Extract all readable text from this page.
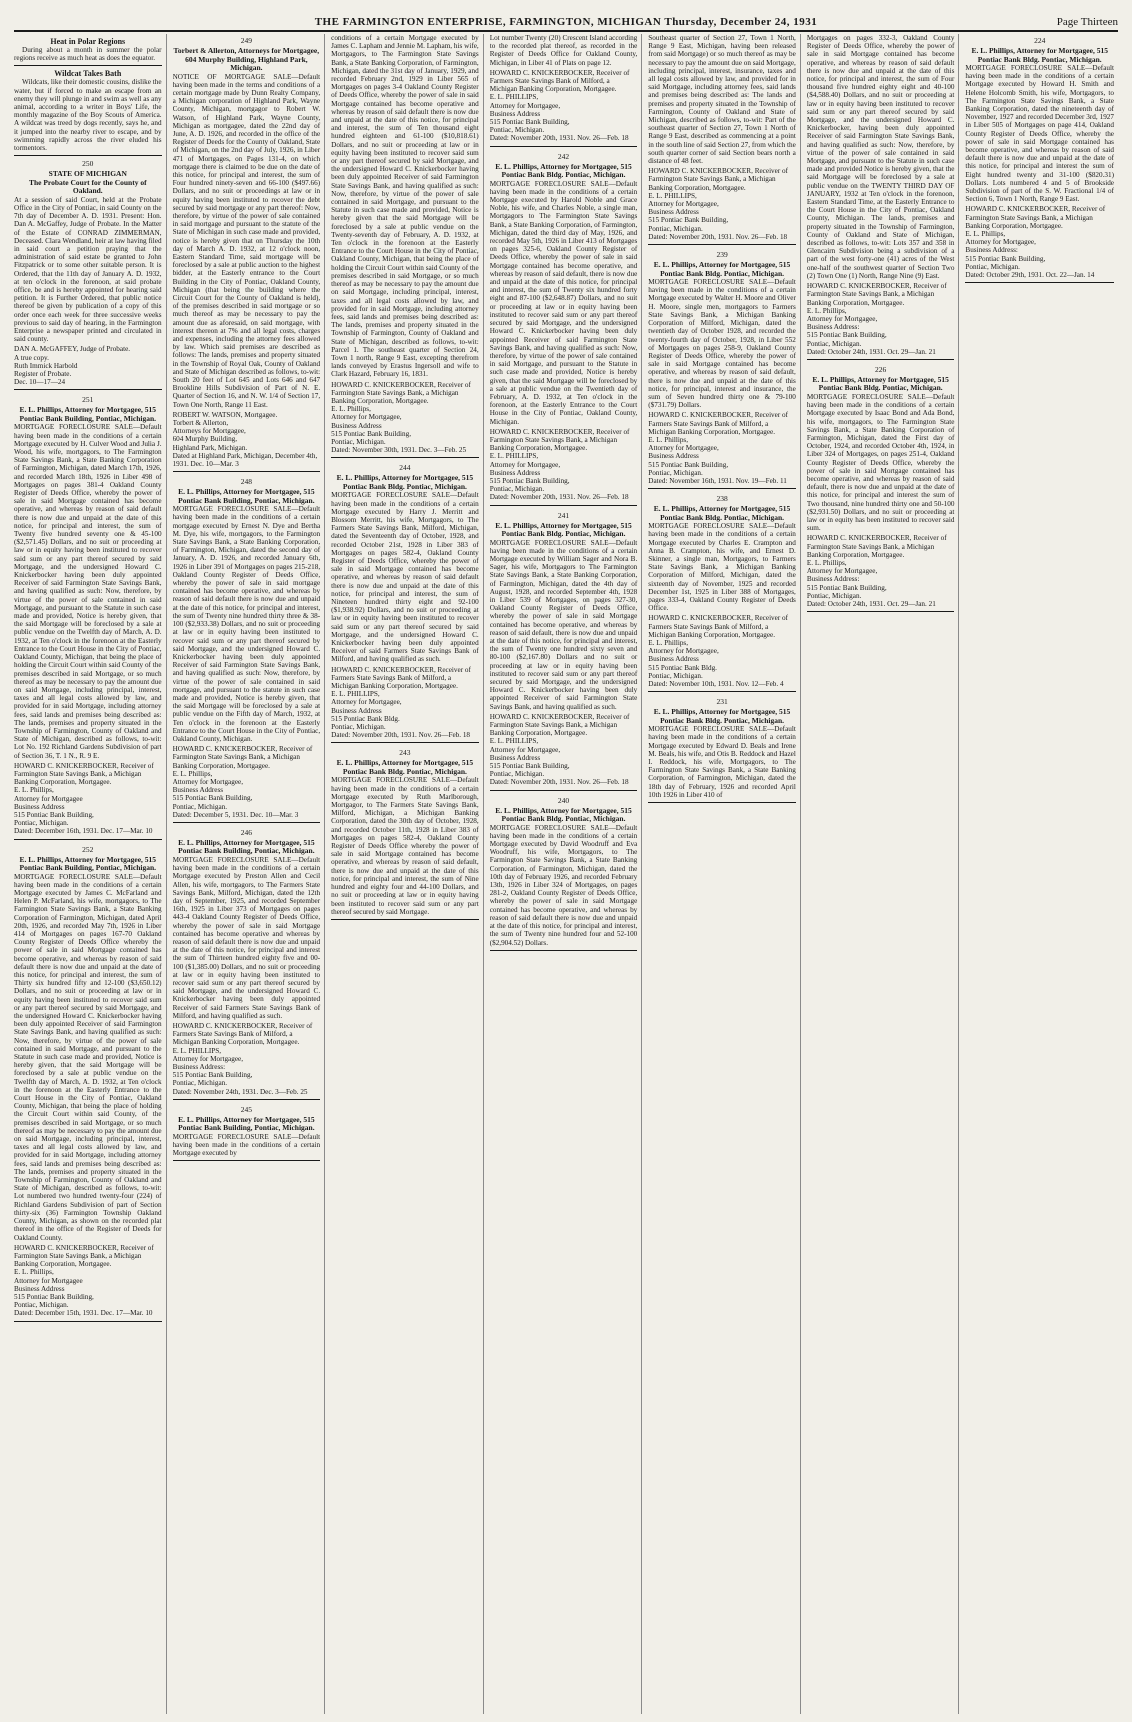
THE FARMINGTON ENTERPRISE, FARMINGTON, MICHIGAN Thursday, December 24, 1931	Page Thirteen
Heat in Polar Regions
During about a month in summer the polar regions receive as much heat as does the equator.
Wildcat Takes Bath
Wildcats, like their domestic cousins, dislike the water, but if forced to make an escape from an enemy they will plunge in and swim as well as any animal, according to a writer in Boys' Life, the monthly magazine of the Boy Scouts of America. A wildcat was treed by dogs recently, says he, and it jumped into the nearby river to escape, and by swimming rapidly across the river eluded his tormentors.
250
STATE OF MICHIGAN
The Probate Court for the County of Oakland.
At a session of said Court, held at the Probate Office in the City of Pontiac, in said County on the 7th day of December A. D. 1931. Present: Hon. Dan A. McGaffey, Judge of Probate. In the Matter of the Estate of CONRAD ZIMMERMAN, Deceased. Clara Wendland, heir at law having filed in said court a petition praying that the administration of said estate be granted to John Fitzpatrick or to some other suitable person. It is Ordered, that the 11th day of January A. D. 1932, at ten o'clock in the forenoon, at said probate office, be and is hereby appointed for hearing said petition. It is Further Ordered, that public notice thereof be given by publication of a copy of this order once each week for three successive weeks previous to said day of hearing, in the Farmington Enterprise a newspaper printed and circulated in said county.
DAN A. McGAFFEY, Judge of Probate.
A true copy.
Ruth Immick Harbold
Register of Probate.
Dec. 10—17—24
251
E. L. Phillips, Attorney for Mortgagee, 515 Pontiac Bank Building, Pontiac, Michigan.
MORTGAGE FORECLOSURE SALE—Default having been made in the conditions of a certain Mortgage executed by H. Culver Wood and Julia J. Wood, his wife, mortgagors, to The Farmington State Savings Bank, a State Banking Corporation of Farmington, Michigan, dated March 17th, 1926, and recorded March 18th, 1926 in Liber 498 of Mortgages on pages 381-4 Oakland County Register of Deeds Office, whereby the power of sale in said Mortgage contained has become operative, and whereas by reason of said default there is now due and unpaid at the date of this notice, for principal and interest, the sum of Twenty five hundred seventy one & 45-100 ($2,571.45) Dollars, and no suit or proceeding at law or in equity having been instituted to recover said sum or any part thereof secured by said Mortgage, and the undersigned Howard C. Knickerbocker having been duly appointed Receiver of said Farmington State Savings Bank, and having qualified as such: Now, therefore, by virtue of the power of sale contained in said Mortgage, and pursuant to the Statute in such case made and provided, Notice is hereby given, that the said Mortgage will be foreclosed by a sale at public vendue on the Twelfth day of March, A. D. 1932, at Ten o'clock in the forenoon at the Easterly Entrance to the Court House in the City of Pontiac, Oakland County, Michigan, that being the place of holding the Circuit Court within said County of the premises described in said Mortgage, or so much thereof as may be necessary to pay the amount due on said Mortgage, including principal, interest, taxes and all legal costs allowed by law, and provided for in said Mortgage, including attorney fees, said lands and premises being described as: The lands, premises and property situated in the Township of Farmington, County of Oakland and State of Michigan, described as follows, to-wit: Lot No. 192 Richland Gardens Subdivision of part of Section 36, T. 1 N., R. 9 E.
HOWARD C. KNICKERBOCKER, Receiver of Farmington State Savings Bank, a Michigan Banking Corporation, Mortgagee.
E. L. Phillips,
Attorney for Mortgagee
Business Address
515 Pontiac Bank Building,
Pontiac, Michigan.
Dated: December 16th, 1931. Dec. 17—Mar. 10
252
E. L. Phillips, Attorney for Mortgagee, 515 Pontiac Bank Building, Pontiac, Michigan.
MORTGAGE FORECLOSURE SALE—Default having been made in the conditions of a certain Mortgage executed by James C. McFarland and Helen P. McFarland, his wife, mortgagors, to The Farmington State Savings Bank, a State Banking Corporation of Farmington, Michigan, dated April 20th, 1926, and recorded May 7th, 1926 in Liber 414 of Mortgages on pages 167-70 Oakland County Register of Deeds Office whereby the power of sale in said Mortgage contained has become operative, and whereas by reason of said default there is now due and unpaid at the date of this notice, for principal and interest, the sum of Thirty six hundred fifty and 12-100 ($3,650.12) Dollars, and no suit or proceeding at law or in equity having been instituted to recover said sum or any part thereof secured by said Mortgage, and the undersigned Howard C. Knickerbocker having been duly appointed Receiver of said Farmington State Savings Bank, and having qualified as such: Now, therefore, by virtue of the power of sale contained in said Mortgage, and pursuant to the Statute in such case made and provided, Notice is hereby given, that the said Mortgage will be foreclosed by a sale at public vendue on the Twelfth day of March, A. D. 1932, at Ten o'clock in the forenoon at the Easterly Entrance to the Court House in the City of Pontiac, Oakland County, Michigan, that being the place of holding the Circuit Court within said County, of the premises described in said Mortgage, or so much thereof as may be necessary to pay the amount due on said Mortgage, including principal, interest, taxes and all legal costs allowed by law, and provided for in said Mortgage, including attorney fees, said lands and premises being described as: The lands, premises and property situated in the Township of Farmington, County of Oakland and State of Michigan, described as follows, to-wit: Lot numbered two hundred twenty-four (224) of Richland Gardens Subdivision of part of Section thirty-six (36) Farmington Township Oakland County, Michigan, as shown on the recorded plat thereof in the office of the Register of Deeds for Oakland County.
HOWARD C. KNICKERBOCKER, Receiver of Farmington State Savings Bank, a Michigan Banking Corporation, Mortgagee.
E. L. Phillips,
Attorney for Mortgagee
Business Address
515 Pontiac Bank Building,
Pontiac, Michigan.
Dated: December 15th, 1931. Dec. 17—Mar. 10
249
Torbert & Allerton, Attorneys for Mortgagee, 604 Murphy Building, Highland Park, Michigan.
NOTICE OF MORTGAGE SALE—Default having been made in the terms and conditions of a certain mortgage made by Dunn Realty Company, a Michigan corporation of Highland Park, Wayne County, Michigan, mortgagor to Robert W. Watson, of Highland Park, Wayne County, Michigan as mortgagee, dated the 22nd day of June, A. D. 1926, and recorded in the office of the Register of Deeds for the County of Oakland, State of Michigan, on the 2nd day of July, 1926, in Liber 471 of Mortgages, on Pages 131-4, on which mortgage there is claimed to be due on the date of this notice, for principal and interest, the sum of Four hundred ninety-seven and 66-100 ($497.66) Dollars, and no suit or proceedings at law or in equity having been instituted to recover the debt secured by said mortgage or any part thereof: Now, therefore, by virtue of the power of sale contained in said mortgage and pursuant to the statute of the State of Michigan in such case made and provided, notice is hereby given that on Thursday the 10th day of March A. D. 1932, at 12 o'clock noon, Eastern Standard Time, said mortgage will be foreclosed by a sale at public auction to the highest bidder, at the Easterly entrance to the Court Building in the City of Pontiac, Oakland County, Michigan (that being the building where the Circuit Court for the County of Oakland is held), of the premises described in said mortgage or so much thereof as may be necessary to pay the amount due as aforesaid, on said mortgage, with interest thereon at 7% and all legal costs, charges and expenses, including the attorney fees allowed by law. Which said premises are described as follows: The lands, premises and property situated in the Township of Royal Oak, County of Oakland and State of Michigan described as follows, to-wit: South 20 feet of Lot 645 and Lots 646 and 647 Brookline Hills Subdivision of Part of N. E. Quarter of Section 16, and N. W. 1/4 of Section 17, Town One North, Range 11 East.
ROBERT W. WATSON, Mortgagee.
Torbert & Allerton,
Attorneys for Mortgagee,
604 Murphy Building,
Highland Park, Michigan.
Dated at Highland Park, Michigan, December 4th, 1931. Dec. 10—Mar. 3
248
E. L. Phillips, Attorney for Mortgagee, 515 Pontiac Bank Building, Pontiac, Michigan.
MORTGAGE FORECLOSURE SALE—Default having been made in the conditions of a certain mortgage executed by Ernest N. Dye and Bertha M. Dye, his wife, mortgagors, to the Farmington State Savings Bank, a State Banking Corporation, of Farmington, Michigan, dated the second day of January, A. D. 1926, and recorded January 6th, 1926 in Liber 391 of Mortgages on pages 215-218, Oakland County Register of Deeds Office, whereby the power of sale in said mortgage contained has become operative, and whereas by reason of said default there is now due and unpaid at the date of this notice, for principal and interest, the sum of Twenty nine hundred thirty three & 38-100 ($2,933.38) Dollars, and no suit or proceeding at law or in equity having been instituted to recover said sum or any part thereof secured by said Mortgage, and the undersigned Howard C. Knickerbocker having been duly appointed Receiver of said Farmington State Savings Bank, and having qualified as such: Now, therefore, by virtue of the power of sale contained in said mortgage, and pursuant to the statute in such case made and provided, Notice is hereby given, that the said Mortgage will be foreclosed by a sale at public vendue on the Fifth day of March, 1932, at Ten o'clock in the forenoon at the Easterly Entrance to the Court House in the City of Pontiac, Oakland County, Michigan.
HOWARD C. KNICKERBOCKER, Receiver of Farmington State Savings Bank, a Michigan Banking Corporation, Mortgagee.
E. L. Phillips,
Attorney for Mortgagee,
Business Address
515 Pontiac Bank Building,
Pontiac, Michigan.
Dated: December 5, 1931. Dec. 10—Mar. 3
246
E. L. Phillips, Attorney for Mortgagee, 515 Pontiac Bank Building, Pontiac, Michigan.
MORTGAGE FORECLOSURE SALE—Default having been made in the conditions of a certain Mortgage executed by Preston Allen and Cecil Allen, his wife, mortgagors, to The Farmers State Savings Bank, Milford, Michigan, dated the 12th day of September, 1925, and recorded September 16th, 1925 in Liber 373 of Mortgages on pages 443-4 Oakland County Register of Deeds Office, whereby the power of sale in said Mortgage contained has become operative and whereas by reason of said default there is now due and unpaid at the date of this notice, for principal and interest the sum of Thirteen hundred eighty five and 00-100 ($1,385.00) Dollars, and no suit or proceeding at law or in equity having been instituted to recover said sum or any part thereof secured by said Mortgage, and the undersigned Howard C. Knickerbocker having been duly appointed Receiver of said Farmers State Savings Bank of Milford, and having qualified as such.
HOWARD C. KNICKERBOCKER, Receiver of Farmers State Savings Bank of Milford, a Michigan Banking Corporation, Mortgagee.
E. L. PHILLIPS,
Attorney for Mortgagee,
Business Address:
515 Pontiac Bank Building,
Pontiac, Michigan.
Dated: November 24th, 1931. Dec. 3—Feb. 25
245
E. L. Phillips, Attorney for Mortgagee, 515 Pontiac Bank Building, Pontiac, Michigan.
MORTGAGE FORECLOSURE SALE—Default having been made in the conditions of a certain Mortgage executed by
conditions of a certain Mortgage executed by James C. Lapham and Jennie M. Lapham, his wife, Mortgagors, to The Farmington State Savings Bank, a State Banking Corporation, of Farmington, Michigan, dated the 31st day of January, 1929, and recorded February 2nd, 1929 in Liber 565 of Mortgages on pages 3-4 Oakland County Register of Deeds Office, whereby the power of sale in said Mortgage contained has become operative and whereas by reason of said default there is now due and unpaid at the date of this notice, for principal and interest, the sum of Ten thousand eight hundred eighteen and 61-100 ($10,818.61) Dollars, and no suit or proceeding at law or in equity having been instituted to recover said sum or any part thereof secured by said Mortgage, and the undersigned Howard C. Knickerbocker having been duly appointed Receiver of said Farmington State Savings Bank, and having qualified as such: Now, therefore, by virtue of the power of sale contained in said Mortgage, and pursuant to the Statute in such case made and provided, Notice is hereby given that the said Mortgage will be foreclosed by a sale at public vendue on the Twenty-seventh day of February, A. D. 1932, at Ten o'clock in the forenoon at the Easterly Entrance to the Court House in the City of Pontiac, Oakland County, Michigan, that being the place of holding the Circuit Court within said County of the premises described in said Mortgage, or so much thereof as may be necessary to pay the amount due on said Mortgage, including principal, interest, taxes and all legal costs allowed by law, and provided for in said Mortgage, including attorney fees, said lands and premises being described as: The lands, premises and property situated in the Township of Farmington, County of Oakland and State of Michigan, described as follows, to-wit: Parcel 1. The southeast quarter of Section 24, Town 1 north, Range 9 East, excepting therefrom lands conveyed by Erastus Ingersoll and wife to Clark Hazard, February 16, 1831.
HOWARD C. KNICKERBOCKER, Receiver of Farmington State Savings Bank, a Michigan Banking Corporation, Mortgagee.
E. L. Phillips,
Attorney for Mortgagee,
Business Address
515 Pontiac Bank Building,
Pontiac, Michigan.
Dated: November 30th, 1931. Dec. 3—Feb. 25
244
E. L. Phillips, Attorney for Mortgagee, 515 Pontiac Bank Bldg. Pontiac, Michigan.
MORTGAGE FORECLOSURE SALE—Default having been made in the conditions of a certain Mortgage executed by Harry J. Merritt and Blossom Merritt, his wife, Mortgagors, to The Farmers State Savings Bank, Milford, Michigan, dated the Seventeenth day of October, 1928, and recorded October 21st, 1928 in Liber 383 of Mortgages on pages 582-4, Oakland County Register of Deeds Office, whereby the power of sale in said Mortgage contained has become operative, and whereas by reason of said default there is now due and unpaid at the date of this notice, for principal and interest, the sum of Nineteen hundred thirty eight and 92-100 ($1,938.92) Dollars, and no suit or proceeding at law or in equity having been instituted to recover said sum or any part thereof secured by said Mortgage, and the undersigned Howard C. Knickerbocker having been duly appointed Receiver of said Farmers State Savings Bank of Milford, and having qualified as such.
HOWARD C. KNICKERBOCKER, Receiver of Farmers State Savings Bank of Milford, a Michigan Banking Corporation, Mortgagee.
E. L. PHILLIPS,
Attorney for Mortgagee,
Business Address
515 Pontiac Bank Bldg.
Pontiac, Michigan.
Dated: November 20th, 1931. Nov. 26—Feb. 18
243
E. L. Phillips, Attorney for Mortgagee, 515 Pontiac Bank Bldg. Pontiac, Michigan.
MORTGAGE FORECLOSURE SALE—Default having been made in the conditions of a certain Mortgage executed by Ruth Marlborough, Mortgagor, to The Farmers State Savings Bank, Milford, Michigan, a Michigan Banking Corporation, dated the 30th day of October, 1928, and recorded October 11th, 1928 in Liber 383 of Mortgages on pages 582-4, Oakland County Register of Deeds Office whereby the power of sale in said Mortgage contained has become operative, and whereas by reason of said default, there is now due and unpaid at the date of this notice, for principal and interest, the sum of Nine hundred and eighty four and 44-100 Dollars, and no suit or proceeding at law or in equity having been instituted to recover said sum or any part thereof secured by said Mortgage.
Lot number Twenty (20) Crescent Island according to the recorded plat thereof, as recorded in the Register of Deeds Office for Oakland County, Michigan, in Liber 41 of Plats on page 12.
HOWARD C. KNICKERBOCKER, Receiver of Farmers State Savings Bank of Milford, a Michigan Banking Corporation, Mortgagee.
E. L. PHILLIPS,
Attorney for Mortgagee,
Business Address
515 Pontiac Bank Building,
Pontiac, Michigan.
Dated: November 20th, 1931. Nov. 26—Feb. 18
242
E. L. Phillips, Attorney for Mortgagee, 515 Pontiac Bank Bldg. Pontiac, Michigan.
MORTGAGE FORECLOSURE SALE—Default having been made in the conditions of a certain Mortgage executed by Harold Noble and Grace Noble, his wife, and Charles Noble, a single man, Mortgagors to The Farmington State Savings Bank, a State Banking Corporation, of Farmington, Michigan, dated the third day of May, 1926, and recorded May 5th, 1926 in Liber 413 of Mortgages on pages 325-6, Oakland County Register of Deeds Office, whereby the power of sale in said Mortgage contained has become operative, and whereas by reason of said default, there is now due and unpaid at the date of this notice, for principal and interest, the sum of Twenty six hundred forty eight and 87-100 ($2,648.87) Dollars, and no suit or proceeding at law or in equity having been instituted to recover said sum or any part thereof secured by said Mortgage, and the undersigned Howard C. Knickerbocker having been duly appointed Receiver of said Farmington State Savings Bank, and having qualified as such: Now, therefore, by virtue of the power of sale contained in said Mortgage, and pursuant to the Statute in such case made and provided, Notice is hereby given, that the said Mortgage will be foreclosed by a sale at public vendue on the Twentieth day of February, A. D. 1932, at Ten o'clock in the forenoon, at the Easterly Entrance to the Court House in the City of Pontiac, Oakland County, Michigan.
HOWARD C. KNICKERBOCKER, Receiver of Farmington State Savings Bank, a Michigan Banking Corporation, Mortgagee.
E. L. PHILLIPS,
Attorney for Mortgagee,
Business Address
515 Pontiac Bank Building,
Pontiac, Michigan.
Dated: November 20th, 1931. Nov. 26—Feb. 18
241
E. L. Phillips, Attorney for Mortgagee, 515 Pontiac Bank Bldg. Pontiac, Michigan.
MORTGAGE FORECLOSURE SALE—Default having been made in the conditions of a certain Mortgage executed by William Sager and Nora B. Sager, his wife, Mortgagors to The Farmington State Savings Bank, a State Banking Corporation, of Farmington, Michigan, dated the 4th day of August, 1928, and recorded September 4th, 1928 in Liber 539 of Mortgages, on pages 327-30, Oakland County Register of Deeds Office, whereby the power of sale in said Mortgage contained has become operative, and whereas by reason of said default, there is now due and unpaid at the date of this notice, for principal and interest, the sum of Twenty one hundred sixty seven and 80-100 ($2,167.80) Dollars and no suit or proceeding at law or in equity having been instituted to recover said sum or any part thereof secured by said Mortgage, and the undersigned Howard C. Knickerbocker having been duly appointed Receiver of said Farmington State Savings Bank, and having qualified as such.
HOWARD C. KNICKERBOCKER, Receiver of Farmington State Savings Bank, a Michigan Banking Corporation, Mortgagee.
E. L. PHILLIPS,
Attorney for Mortgagee,
Business Address
515 Pontiac Bank Building,
Pontiac, Michigan.
Dated: November 20th, 1931. Nov. 26—Feb. 18
240
E. L. Phillips, Attorney for Mortgagee, 515 Pontiac Bank Bldg. Pontiac, Michigan.
MORTGAGE FORECLOSURE SALE—Default having been made in the conditions of a certain Mortgage executed by David Woodruff and Eva Woodruff, his wife, Mortgagors, to The Farmington State Savings Bank, a State Banking Corporation, of Farmington, Michigan, dated the 10th day of February 1926, and recorded February 13th, 1926 in Liber 324 of Mortgages, on pages 281-2, Oakland County Register of Deeds Office, whereby the power of sale in said Mortgage contained has become operative, and whereas by reason of said default there is now due and unpaid at the date of this notice, for principal and interest, the sum of Twenty nine hundred four and 52-100 ($2,904.52) Dollars.
Southeast quarter of Section 27, Town 1 North, Range 9 East, Michigan, having been released from said Mortgage) or so much thereof as may be necessary to pay the amount due on said Mortgage, including principal, interest, insurance, taxes and all legal costs allowed by law, and provided for in said Mortgage, including attorney fees, said lands and premises being described as: The lands and premises and property situated in the Township of Farmington, County of Oakland and State of Michigan, described as follows, to-wit: Part of the southeast quarter of Section 27, Town 1 North of Range 9 East, described as commencing at a point in the south line of said Section 27, from which the south quarter corner of said Section bears north a distance of 48 feet.
HOWARD C. KNICKERBOCKER, Receiver of Farmington State Savings Bank, a Michigan Banking Corporation, Mortgagee.
E. L. PHILLIPS,
Attorney for Mortgagee,
Business Address
515 Pontiac Bank Building,
Pontiac, Michigan.
Dated: November 20th, 1931. Nov. 26—Feb. 18
239
E. L. Phillips, Attorney for Mortgagee, 515 Pontiac Bank Bldg. Pontiac, Michigan.
MORTGAGE FORECLOSURE SALE—Default having been made in the conditions of a certain Mortgage executed by Walter H. Moore and Oliver H. Moore, single men, mortgagors to Farmers State Savings Bank, a Michigan Banking Corporation of Milford, Michigan, dated the twentieth day of October 1928, and recorded the twenty-fourth day of October, 1928, in Liber 552 of Mortgages on pages 258-9, Oakland County Register of Deeds Office, whereby the power of sale in said Mortgage contained has become operative, and whereas by reason of said default, there is now due and unpaid at the date of this notice, for principal, interest and insurance, the sum of Seven hundred thirty one & 79-100 ($731.79) Dollars.
HOWARD C. KNICKERBOCKER, Receiver of Farmers State Savings Bank of Milford, a Michigan Banking Corporation, Mortgagee.
E. L. Phillips,
Attorney for Mortgagee,
Business Address
515 Pontiac Bank Building,
Pontiac, Michigan.
Dated: November 16th, 1931. Nov. 19—Feb. 11
238
E. L. Phillips, Attorney for Mortgagee, 515 Pontiac Bank Bldg. Pontiac, Michigan.
MORTGAGE FORECLOSURE SALE—Default having been made in the conditions of a certain Mortgage executed by Charles E. Crampton and Anna B. Crampton, his wife, and Ernest D. Skinner, a single man, Mortgagors, to Farmers State Savings Bank, a Michigan Banking Corporation of Milford, Michigan, dated the sixteenth day of November, 1925 and recorded December 1st, 1925 in Liber 388 of Mortgages, pages 333-4, Oakland County Register of Deeds Office.
HOWARD C. KNICKERBOCKER, Receiver of Farmers State Savings Bank of Milford, a Michigan Banking Corporation, Mortgagee.
E. L. Phillips,
Attorney for Mortgagee,
Business Address
515 Pontiac Bank Bldg.
Pontiac, Michigan.
Dated: November 10th, 1931. Nov. 12—Feb. 4
231
E. L. Phillips, Attorney for Mortgagee, 515 Pontiac Bank Bldg. Pontiac, Michigan.
MORTGAGE FORECLOSURE SALE—Default having been made in the conditions of a certain Mortgage executed by Edward D. Beals and Irene M. Beals, his wife, and Otis B. Reddock and Hazel I. Reddock, his wife, Mortgagors, to The Farmington State Savings Bank, a State Banking Corporation, of Farmington, Michigan, dated the 18th day of February, 1926 and recorded April 10th 1926 in Liber 410 of
Mortgages on pages 332-3, Oakland County Register of Deeds Office, whereby the power of sale in said Mortgage contained has become operative, and whereas by reason of said default there is now due and unpaid at the date of this notice, for principal and interest, the sum of Four thousand five hundred eighty eight and 40-100 ($4,588.40) Dollars, and no suit or proceeding at law or in equity having been instituted to recover said sum or any part thereof secured by said Mortgage, and the undersigned Howard C. Knickerbocker, having been duly appointed Receiver of said Farmington State Savings Bank, and having qualified as such: Now, therefore, by virtue of the power of sale contained in said Mortgage, and pursuant to the Statute in such case made and provided Notice is hereby given, that the said Mortgage will be foreclosed by a sale at public vendue on the TWENTY THIRD DAY OF JANUARY, 1932 at Ten o'clock in the forenoon, Eastern Standard Time, at the Easterly Entrance to the Court House in the City of Pontiac, Oakland County, Michigan. The lands, premises and property situated in the Township of Farmington, County of Oakland and State of Michigan, described as follows, to-wit: Lots 357 and 358 in Glencairn Subdivision being a subdivision of a part of the west forty-one (41) acres of the West one-half of the southwest quarter of Section Two (2) Town One (1) North, Range Nine (9) East.
HOWARD C. KNICKERBOCKER, Receiver of Farmington State Savings Bank, a Michigan Banking Corporation, Mortgagee.
E. L. Phillips,
Attorney for Mortgagee,
Business Address:
515 Pontiac Bank Building,
Pontiac, Michigan.
Dated: October 24th, 1931. Oct. 29—Jan. 21
226
E. L. Phillips, Attorney for Mortgagee, 515 Pontiac Bank Bldg. Pontiac, Michigan.
MORTGAGE FORECLOSURE SALE—Default having been made in the conditions of a certain Mortgage executed by Isaac Bond and Ada Bond, his wife, mortgagors, to The Farmington State Savings Bank, a State Banking Corporation of Farmington, Michigan, dated the First day of October, 1924, and recorded October 4th, 1924, in Liber 324 of Mortgages, on pages 251-4, Oakland County Register of Deeds Office, whereby the power of sale in said Mortgage contained has become operative, and whereas by reason of said default, there is now due and unpaid at the date of this notice, for principal and interest the sum of Two thousand, nine hundred thirty one and 50-100 ($2,931.50) Dollars, and no suit or proceeding at law or in equity has been instituted to recover said sum.
HOWARD C. KNICKERBOCKER, Receiver of Farmington State Savings Bank, a Michigan Banking Corporation, Mortgagee.
E. L. Phillips,
Attorney for Mortgagee,
Business Address:
515 Pontiac Bank Building,
Pontiac, Michigan.
Dated: October 24th, 1931. Oct. 29—Jan. 21
224
E. L. Phillips, Attorney for Mortgagee, 515 Pontiac Bank Bldg. Pontiac, Michigan.
MORTGAGE FORECLOSURE SALE—Default having been made in the conditions of a certain Mortgage executed by Howard H. Smith and Helene Holcomb Smith, his wife, Mortgagors, to The Farmington State Savings Bank, a State Banking Corporation, dated the nineteenth day of November, 1927 and recorded December 3rd, 1927 in Liber 505 of Mortgages on page 414, Oakland County Register of Deeds Office, whereby the power of sale in said Mortgage contained has become operative, and whereas by reason of said default there is now due and unpaid at the date of this notice, for principal and interest the sum of Eight hundred twenty and 31-100 ($820.31) Dollars. Lots numbered 4 and 5 of Brookside Subdivision of part of the S. W. Fractional 1/4 of Section 6, Town 1 North, Range 9 East.
HOWARD C. KNICKERBOCKER, Receiver of Farmington State Savings Bank, a Michigan Banking Corporation, Mortgagee.
E. L. Phillips,
Attorney for Mortgagee,
Business Address:
515 Pontiac Bank Building,
Pontiac, Michigan.
Dated: October 29th, 1931. Oct. 22—Jan. 14
